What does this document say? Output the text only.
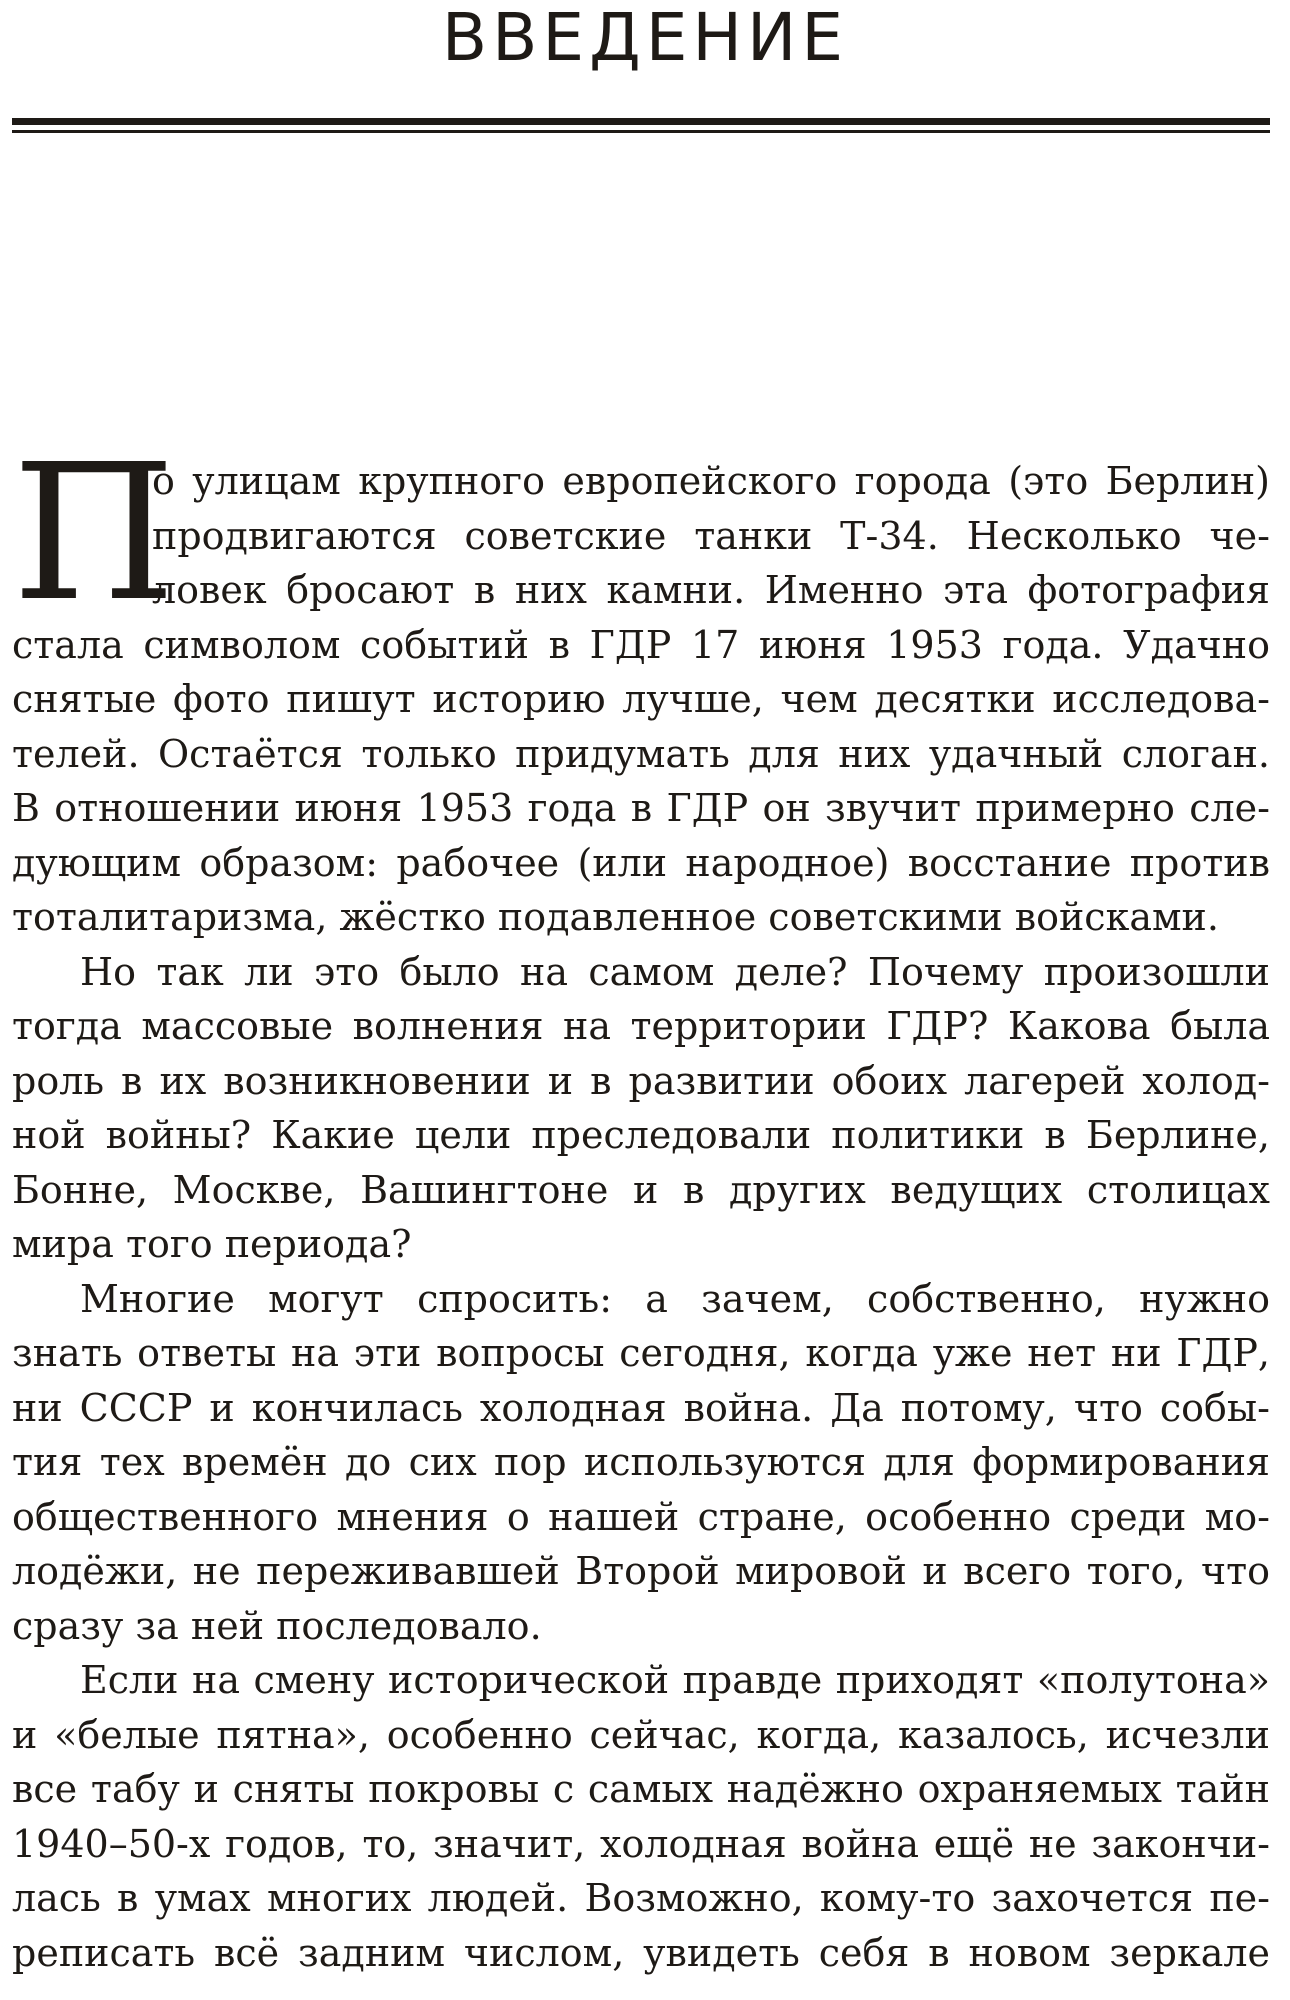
ВВЕДЕНИЕ
П
о улицам крупного европейского города (это Берлин)
продвигаются советские танки Т-34. Несколько че-
ловек бросают в них камни. Именно эта фотография
стала символом событий в ГДР 17 июня 1953 года. Удачно
снятые фото пишут историю лучше, чем десятки исследова-
телей. Остаётся только придумать для них удачный слоган.
В отношении июня 1953 года в ГДР он звучит примерно сле-
дующим образом: рабочее (или народное) восстание против
тоталитаризма, жёстко подавленное советскими войсками.
Но так ли это было на самом деле? Почему произошли
тогда массовые волнения на территории ГДР? Какова была
роль в их возникновении и в развитии обоих лагерей холод-
ной войны? Какие цели преследовали политики в Берлине,
Бонне, Москве, Вашингтоне и в других ведущих столицах
мира того периода?
Многие могут спросить: а зачем, собственно, нужно
знать ответы на эти вопросы сегодня, когда уже нет ни ГДР,
ни СССР и кончилась холодная война. Да потому, что собы-
тия тех времён до сих пор используются для формирования
общественного мнения о нашей стране, особенно среди мо-
лодёжи, не переживавшей Второй мировой и всего того, что
сразу за ней последовало.
Если на смену исторической правде приходят «полутона»
и «белые пятна», особенно сейчас, когда, казалось, исчезли
все табу и сняты покровы с самых надёжно охраняемых тайн
1940–50-х годов, то, значит, холодная война ещё не закончи-
лась в умах многих людей. Возможно, кому-то захочется пе-
реписать всё задним числом, увидеть себя в новом зеркале
